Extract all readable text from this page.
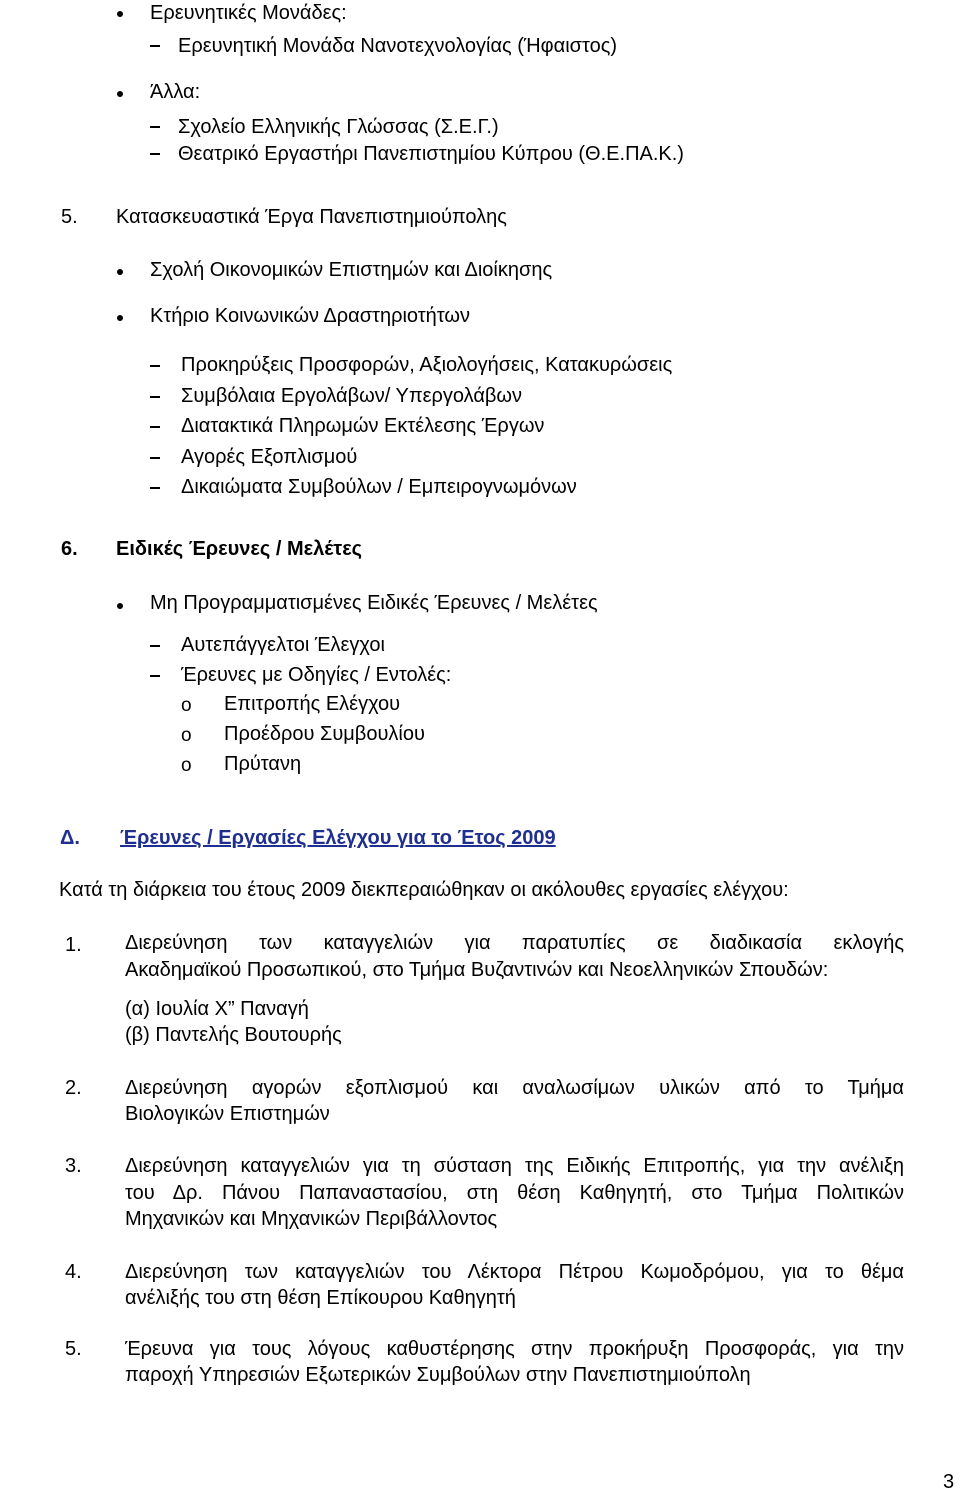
Ερευνητικές Μονάδες:
Ερευνητική Μονάδα Νανοτεχνολογίας (Ήφαιστος)
Άλλα:
Σχολείο Ελληνικής Γλώσσας (Σ.Ε.Γ.)
Θεατρικό Εργαστήρι Πανεπιστημίου Κύπρου (Θ.Ε.ΠΑ.Κ.)
5. Κατασκευαστικά Έργα Πανεπιστημιούπολης
Σχολή Οικονομικών Επιστημών και Διοίκησης
Κτήριο Κοινωνικών Δραστηριοτήτων
Προκηρύξεις Προσφορών, Αξιολογήσεις, Κατακυρώσεις
Συμβόλαια Εργολάβων/ Υπεργολάβων
Διατακτικά Πληρωμών Εκτέλεσης Έργων
Αγορές Εξοπλισμού
Δικαιώματα Συμβούλων / Εμπειρογνωμόνων
6. Ειδικές Έρευνες / Μελέτες
Μη Προγραμματισμένες Ειδικές Έρευνες / Μελέτες
Αυτεπάγγελτοι Έλεγχοι
Έρευνες με Οδηγίες / Εντολές:
o Επιτροπής Ελέγχου
o Προέδρου Συμβουλίου
o Πρύτανη
Δ. Έρευνες / Εργασίες Ελέγχου για το Έτος 2009
Κατά τη διάρκεια του έτους 2009 διεκπεραιώθηκαν οι ακόλουθες εργασίες ελέγχου:
1. Διερεύνηση των καταγγελιών για παρατυπίες σε διαδικασία εκλογής
Ακαδημαϊκού Προσωπικού, στο Τμήμα Βυζαντινών και Νεοελληνικών Σπουδών:
(α) Ιουλία Χ” Παναγή
(β) Παντελής Βουτουρής
2. Διερεύνηση αγορών εξοπλισμού και αναλωσίμων υλικών από το Τμήμα
Βιολογικών Επιστημών
3. Διερεύνηση καταγγελιών για τη σύσταση της Ειδικής Επιτροπής, για την ανέλιξη
του Δρ. Πάνου Παπαναστασίου, στη θέση Καθηγητή, στο Τμήμα Πολιτικών
Μηχανικών και Μηχανικών Περιβάλλοντος
4. Διερεύνηση των καταγγελιών του Λέκτορα Πέτρου Κωμοδρόμου, για το θέμα
ανέλιξής του στη θέση Επίκουρου Καθηγητή
5. Έρευνα για τους λόγους καθυστέρησης στην προκήρυξη Προσφοράς, για την
παροχή Υπηρεσιών Εξωτερικών Συμβούλων στην Πανεπιστημιούπολη
3
